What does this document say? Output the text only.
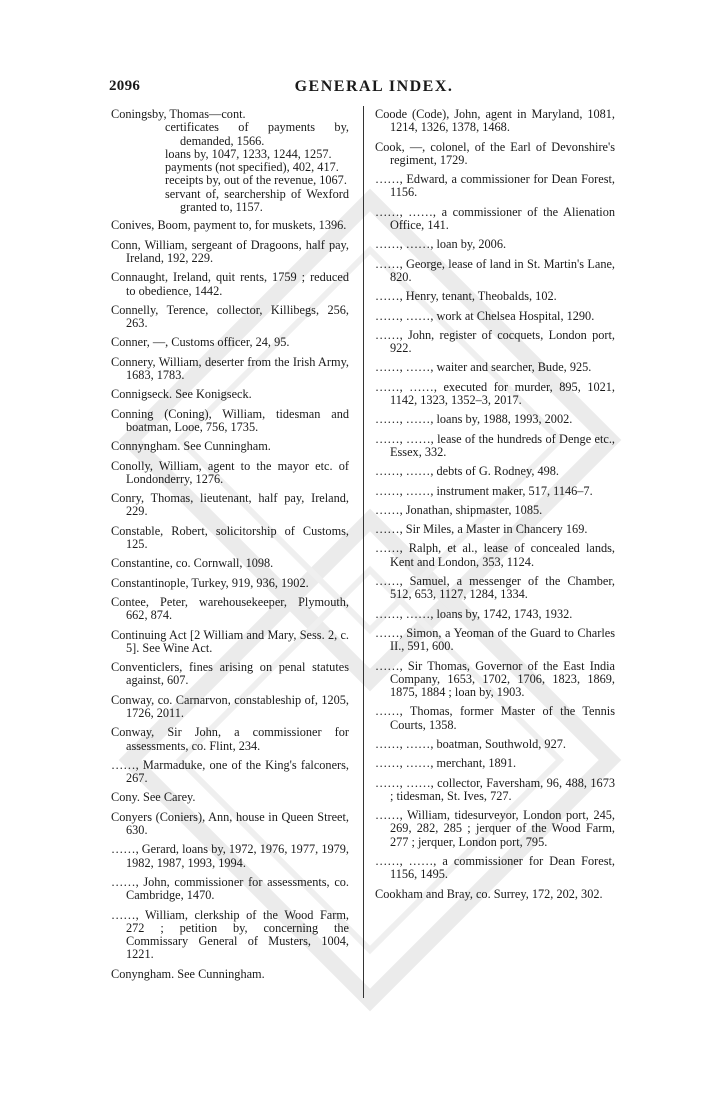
2096	GENERAL INDEX.

Coningsby, Thomas—cont.

certificates of payments by, demanded, 1566.

loans by, 1047, 1233, 1244, 1257.

payments (not specified), 402, 417.

receipts by, out of the revenue, 1067.

servant of, searchership of Wexford granted to, 1157.

Conives, Boom, payment to, for muskets, 1396.

Conn, William, sergeant of Dragoons, half pay, Ireland, 192, 229.

Connaught, Ireland, quit rents, 1759 ; reduced to obedience, 1442.

Connelly, Terence, collector, Killibegs, 256, 263.

Conner, —, Customs officer, 24, 95.

Connery, William, deserter from the Irish Army, 1683, 1783.

Connigseck. See Konigseck.

Conning (Coning), William, tidesman and boatman, Looe, 756, 1735.

Connyngham. See Cunningham.

Conolly, William, agent to the mayor etc. of Londonderry, 1276.

Conry, Thomas, lieutenant, half pay, Ireland, 229.

Constable, Robert, solicitorship of Customs, 125.

Constantine, co. Cornwall, 1098.

Constantinople, Turkey, 919, 936, 1902.

Contee, Peter, warehousekeeper, Plymouth, 662, 874.

Continuing Act [2 William and Mary, Sess. 2, c. 5]. See Wine Act.

Conventiclers, fines arising on penal statutes against, 607.

Conway, co. Carnarvon, constableship of, 1205, 1726, 2011.

Conway, Sir John, a commissioner for assessments, co. Flint, 234.

……, Marmaduke, one of the King's falconers, 267.

Cony. See Carey.

Conyers (Coniers), Ann, house in Queen Street, 630.

……, Gerard, loans by, 1972, 1976, 1977, 1979, 1982, 1987, 1993, 1994.

……, John, commissioner for assessments, co. Cambridge, 1470.

……, William, clerkship of the Wood Farm, 272 ; petition by, concerning the Commissary General of Musters, 1004, 1221.

Conyngham. See Cunningham.

Coode (Code), John, agent in Maryland, 1081, 1214, 1326, 1378, 1468.

Cook, —, colonel, of the Earl of Devonshire's regiment, 1729.

……, Edward, a commissioner for Dean Forest, 1156.

……, ……, a commissioner of the Alienation Office, 141.

……, ……, loan by, 2006.

……, George, lease of land in St. Martin's Lane, 820.

……, Henry, tenant, Theobalds, 102.

……, ……, work at Chelsea Hospital, 1290.

……, John, register of cocquets, London port, 922.

……, ……, waiter and searcher, Bude, 925.

……, ……, executed for murder, 895, 1021, 1142, 1323, 1352–3, 2017.

……, ……, loans by, 1988, 1993, 2002.

……, ……, lease of the hundreds of Denge etc., Essex, 332.

……, ……, debts of G. Rodney, 498.

……, ……, instrument maker, 517, 1146–7.

……, Jonathan, shipmaster, 1085.

……, Sir Miles, a Master in Chancery 169.

……, Ralph, et al., lease of concealed lands, Kent and London, 353, 1124.

……, Samuel, a messenger of the Chamber, 512, 653, 1127, 1284, 1334.

……, ……, loans by, 1742, 1743, 1932.

……, Simon, a Yeoman of the Guard to Charles II., 591, 600.

……, Sir Thomas, Governor of the East India Company, 1653, 1702, 1706, 1823, 1869, 1875, 1884 ; loan by, 1903.

……, Thomas, former Master of the Tennis Courts, 1358.

……, ……, boatman, Southwold, 927.

……, ……, merchant, 1891.

……, ……, collector, Faversham, 96, 488, 1673 ; tidesman, St. Ives, 727.

……, William, tidesurveyor, London port, 245, 269, 282, 285 ; jerquer of the Wood Farm, 277 ; jerquer, London port, 795.

……, ……, a commissioner for Dean Forest, 1156, 1495.

Cookham and Bray, co. Surrey, 172, 202, 302.
